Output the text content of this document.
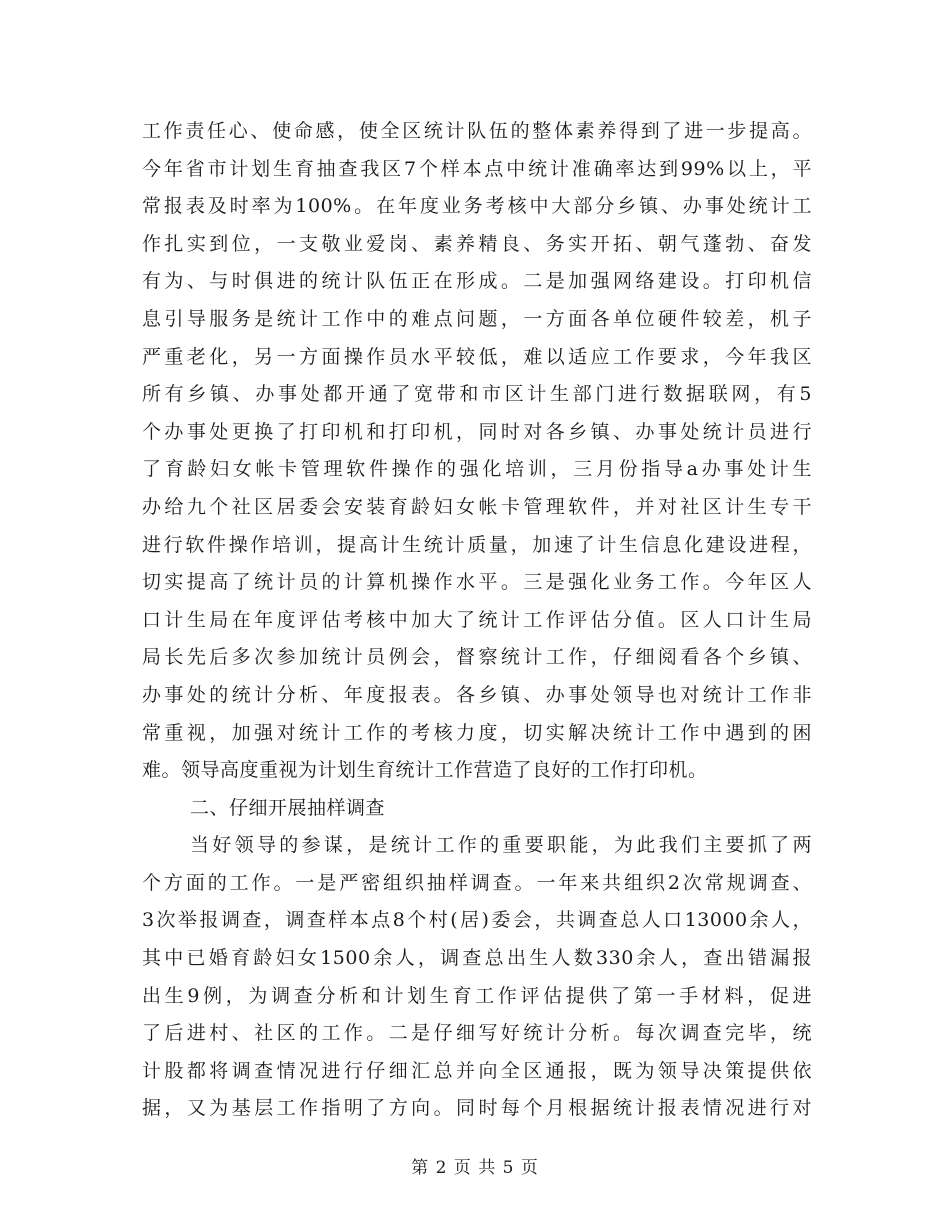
工作责任心、使命感，使全区统计队伍的整体素养得到了进一步提高。
今年省市计划生育抽查我区7个样本点中统计准确率达到99%以上，平
常报表及时率为100%。在年度业务考核中大部分乡镇、办事处统计工
作扎实到位，一支敬业爱岗、素养精良、务实开拓、朝气蓬勃、奋发
有为、与时俱进的统计队伍正在形成。二是加强网络建设。打印机信
息引导服务是统计工作中的难点问题，一方面各单位硬件较差，机子
严重老化，另一方面操作员水平较低，难以适应工作要求，今年我区
所有乡镇、办事处都开通了宽带和市区计生部门进行数据联网，有5
个办事处更换了打印机和打印机，同时对各乡镇、办事处统计员进行
了育龄妇女帐卡管理软件操作的强化培训，三月份指导a办事处计生
办给九个社区居委会安装育龄妇女帐卡管理软件，并对社区计生专干
进行软件操作培训，提高计生统计质量，加速了计生信息化建设进程，
切实提高了统计员的计算机操作水平。三是强化业务工作。今年区人
口计生局在年度评估考核中加大了统计工作评估分值。区人口计生局
局长先后多次参加统计员例会，督察统计工作，仔细阅看各个乡镇、
办事处的统计分析、年度报表。各乡镇、办事处领导也对统计工作非
常重视，加强对统计工作的考核力度，切实解决统计工作中遇到的困
难。领导高度重视为计划生育统计工作营造了良好的工作打印机。
二、仔细开展抽样调查
当好领导的参谋，是统计工作的重要职能，为此我们主要抓了两
个方面的工作。一是严密组织抽样调查。一年来共组织2次常规调查、
3次举报调查，调查样本点8个村(居)委会，共调查总人口13000余人，
其中已婚育龄妇女1500余人，调查总出生人数330余人，查出错漏报
出生9例，为调查分析和计划生育工作评估提供了第一手材料，促进
了后进村、社区的工作。二是仔细写好统计分析。每次调查完毕，统
计股都将调查情况进行仔细汇总并向全区通报，既为领导决策提供依
据，又为基层工作指明了方向。同时每个月根据统计报表情况进行对
第 2 页 共 5 页
